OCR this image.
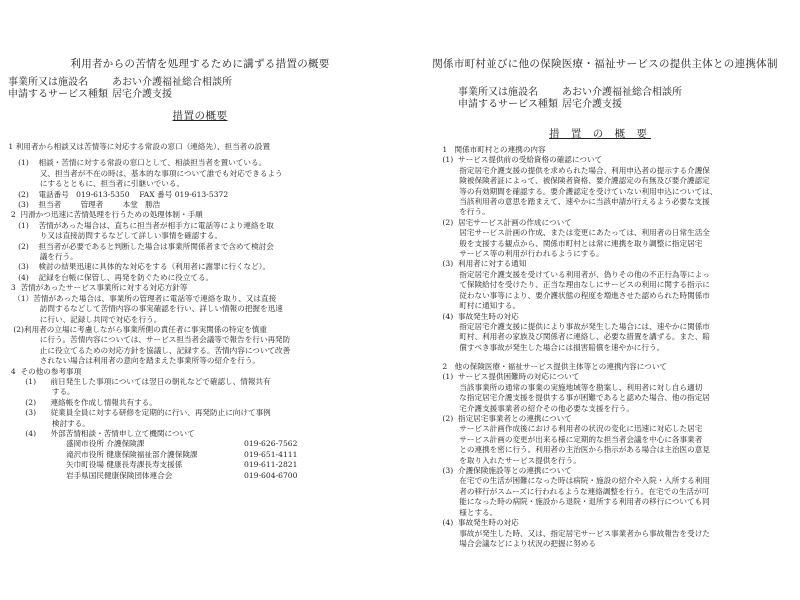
利用者からの苦情を処理するために講ずる措置の概要
事業所又は施設名 あおい介護福祉総合相談所
申請するサービス種類 居宅介護支援
措置の概要

1 利用者から相談又は苦情等に対応する常設の窓口（連絡先）、担当者の設置

(1)    相談・苦情に対する常設の窓口として、相談担当者を置いている。

又、担当者が不在の時は、基本的な事項について誰でも対応できるよう

にするとともに、担当者に引継いでいる。

(2)    電話番号   019-613-5350    FAX 番号 019-613-5372

(3)    担当者        管理者        本堂   勝浩

2  円滑かつ迅速に苦情処理を行うための処理体制・手順

(1)    苦情があった場合は、直ちに担当者が相手方に電話等により連絡を取

り又は直接訪問するなどして詳しい事情を確認する。

(2)    担当者が必要であると判断した場合は事業所関係者まで含めて検討会

議を行う。

(3)    検討の結果迅速に具体的な対応をする（利用者に謝罪に行くなど）。

(4)    記録を台帳に保管し、再発を防ぐために役立てる。

3  苦情があったサービス事業所に対する対応方針等

（1）苦情があった場合は、事業所の管理者に電話等で連絡を取り、又は直接

訪問するなどして苦情内容の事実確認を行い、詳しい情報の把握を迅速

に行い、記録し共同で対応を行う。

(2)利用者の立場に考慮しながら事業所側の責任者に事実関係の特定を慎重

に行う。苦情内容については、サービス担当者会議等で報告を行い再発防

止に役立てるための対応方針を協議し、記録する。苦情内容について改善

されない場合は利用者の意向を踏まえた事業所等の紹介を行う。

4  その他の参考事項

(1)      前日発生した事項については翌日の朝礼などで確認し、情報共有

する。

(2)      連絡帳を作成し情報共有する。

(3)      従業員全員に対する研修を定期的に行い、再発防止に向けて事例

検討する。

(4)      外部苦情相談・苦情申し立て機関について

盛岡市役所 介護保険課	019-626-7562
滝沢市役所 健康保険福祉部介護保険課	019-651-4111
矢巾町役場 健康長寿課長寿支援係	019-611-2821
岩手県国民健康保険団体連合会	019-604-6700
関係市町村並びに他の保険医療・福祉サービスの提供主体との連携体制
事業所又は施設名 あおい介護福祉総合相談所
申請するサービス種類 居宅介護支援
措 置 の 概 要

1   関係市町村との連携の内容

(1)  サービス提供前の受給資格の確認について

指定居宅介護支援の提供を求められた場合、利用申込者の提示する介護保

険被保険者証によって、被保険者資格、要介護認定の有無及び要介護認定

等の有効期間を確認する。要介護認定を受けていない利用申込については、

当該利用者の意思を踏まえて、速やかに当該申請が行えるよう必要な支援

を行う。

(2)  居宅サービス計画の作成について

居宅サービス計画の作成、または変更にあたっては、利用者の日常生活全

般を支援する観点から、関係市町村とは常に連携を取り調整に指定居宅

サービス等の利用が行われるようにする。

(3)  利用者に対する通知

指定居宅介護支援を受けている利用者が、偽りその他の不正行為等によっ

て保険給付を受けたり、正当な理由なしにサービスの利用に関する指示に

従わない事等により、要介護状態の程度を増進させた認められた時関係市

町村に通知する。

(4)  事故発生時の対応

指定居宅介護支援に提供により事故が発生した場合には、速やかに関係市

町村、利用者の家族及び関係者に連絡し、必要な措置を講ずる。また、賠

償すべき事故が発生した場合には損害賠償を速やかに行う。

2   他の保険医療・福祉サービス提供主体等との連携内容について

(1)  サービス提供困難時の対応について

当該事業所の通常の事業の実施地域等を勘案し、利用者に対し自ら適切

な指定居宅介護支援を提供する事が困難であると認めた場合、他の指定居

宅介護支援事業者の紹介その他必要な支援を行う。

(2)  指定居宅事業者との連携について

サービス計画作成後における利用者の状況の変化に迅速に対応した居宅

サービス計画の変更が出来る様に定期的な担当者会議を中心に各事業者

との連携を密に行う。利用者の主治医から指示がある場合は主治医の意見

を取り入れたサービス提供を行う。

(3)  介護保険施設等との連携について

在宅での生活が困難になった時は病院・施設の紹介や入院・入所する利用

者の移行がスムーズに行われるような連絡調整を行う。在宅での生活が可

能になった時の病院・施設から退院・退所する利用者の移行についても同

様とする。

(4)  事故発生時の対応

事故が発生した時、又は、指定居宅サービス事業者から事故報告を受けた

場合会議などにより状況の把握に努める
